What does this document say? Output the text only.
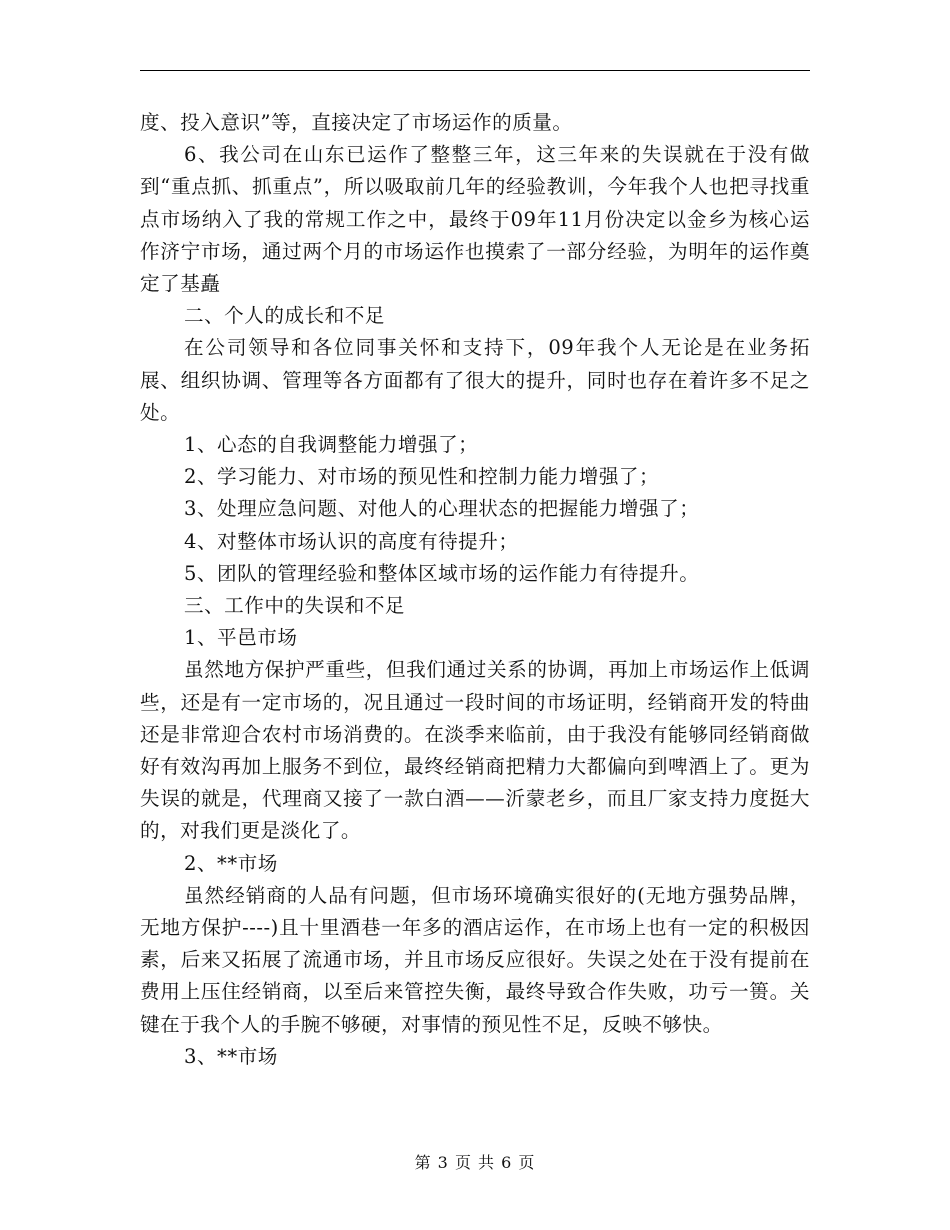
度、投入意识”等，直接决定了市场运作的质量。

6、我公司在山东已运作了整整三年，这三年来的失误就在于没有做到“重点抓、抓重点”，所以吸取前几年的经验教训，今年我个人也把寻找重点市场纳入了我的常规工作之中，最终于09年11月份决定以金乡为核心运作济宁市场，通过两个月的市场运作也摸索了一部分经验，为明年的运作奠定了基矗

二、个人的成长和不足

在公司领导和各位同事关怀和支持下，09年我个人无论是在业务拓展、组织协调、管理等各方面都有了很大的提升，同时也存在着许多不足之处。

1、心态的自我调整能力增强了；

2、学习能力、对市场的预见性和控制力能力增强了；

3、处理应急问题、对他人的心理状态的把握能力增强了；

4、对整体市场认识的高度有待提升；

5、团队的管理经验和整体区域市场的运作能力有待提升。

三、工作中的失误和不足

1、平邑市场

虽然地方保护严重些，但我们通过关系的协调，再加上市场运作上低调些，还是有一定市场的，况且通过一段时间的市场证明，经销商开发的特曲还是非常迎合农村市场消费的。在淡季来临前，由于我没有能够同经销商做好有效沟再加上服务不到位，最终经销商把精力大都偏向到啤酒上了。更为失误的就是，代理商又接了一款白酒——沂蒙老乡，而且厂家支持力度挺大的，对我们更是淡化了。

2、**市场

虽然经销商的人品有问题，但市场环境确实很好的(无地方强势品牌，无地方保护----)且十里酒巷一年多的酒店运作，在市场上也有一定的积极因素，后来又拓展了流通市场，并且市场反应很好。失误之处在于没有提前在费用上压住经销商，以至后来管控失衡，最终导致合作失败，功亏一篑。关键在于我个人的手腕不够硬，对事情的预见性不足，反映不够快。

3、**市场

第 3 页 共 6 页
